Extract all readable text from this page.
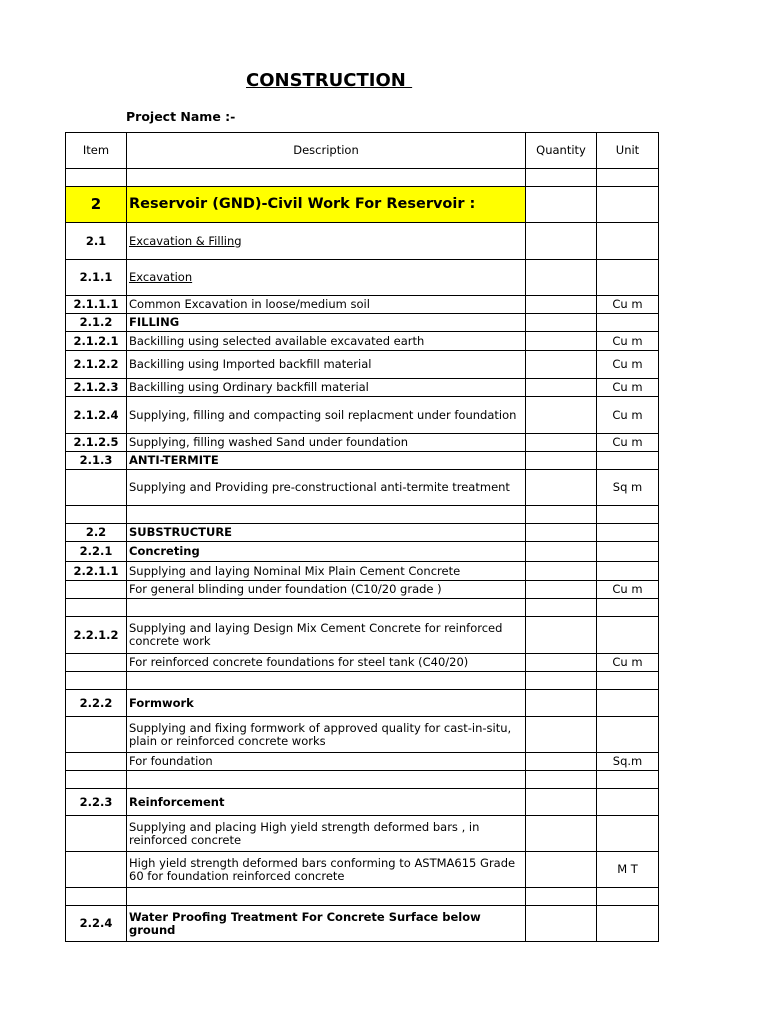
CONSTRUCTION
Project Name :-
Item	Description	Quantity	Unit

2	Reservoir (GND)-Civil Work For Reservoir :		
2.1	Excavation & Filling		
2.1.1	Excavation		
2.1.1.1	Common Excavation in loose/medium soil		Cu m
2.1.2	FILLING		
2.1.2.1	Backilling using selected available excavated earth		Cu m
2.1.2.2	Backilling using Imported backfill material		Cu m
2.1.2.3	Backilling using Ordinary backfill material		Cu m
2.1.2.4	Supplying, filling and compacting soil replacment under foundation		Cu m
2.1.2.5	Supplying, filling washed Sand under foundation		Cu m
2.1.3	ANTI-TERMITE		
	Supplying and Providing pre-constructional anti-termite treatment		Sq m

2.2	SUBSTRUCTURE		
2.2.1	Concreting		
2.2.1.1	Supplying and laying Nominal Mix Plain Cement Concrete		
	For general blinding under foundation (C10/20 grade )		Cu m

2.2.1.2	Supplying and laying Design Mix Cement Concrete for reinforced concrete work		
	For reinforced concrete foundations for steel tank (C40/20)		Cu m

2.2.2	Formwork		
	Supplying and fixing formwork of approved quality for cast-in-situ, plain or reinforced concrete works		
	For foundation		Sq.m

2.2.3	Reinforcement		
	Supplying and placing High yield strength deformed bars , in reinforced concrete		
	High yield strength deformed bars conforming to ASTMA615 Grade 60 for foundation reinforced concrete		M T

2.2.4	Water Proofing Treatment For Concrete Surface below ground		
